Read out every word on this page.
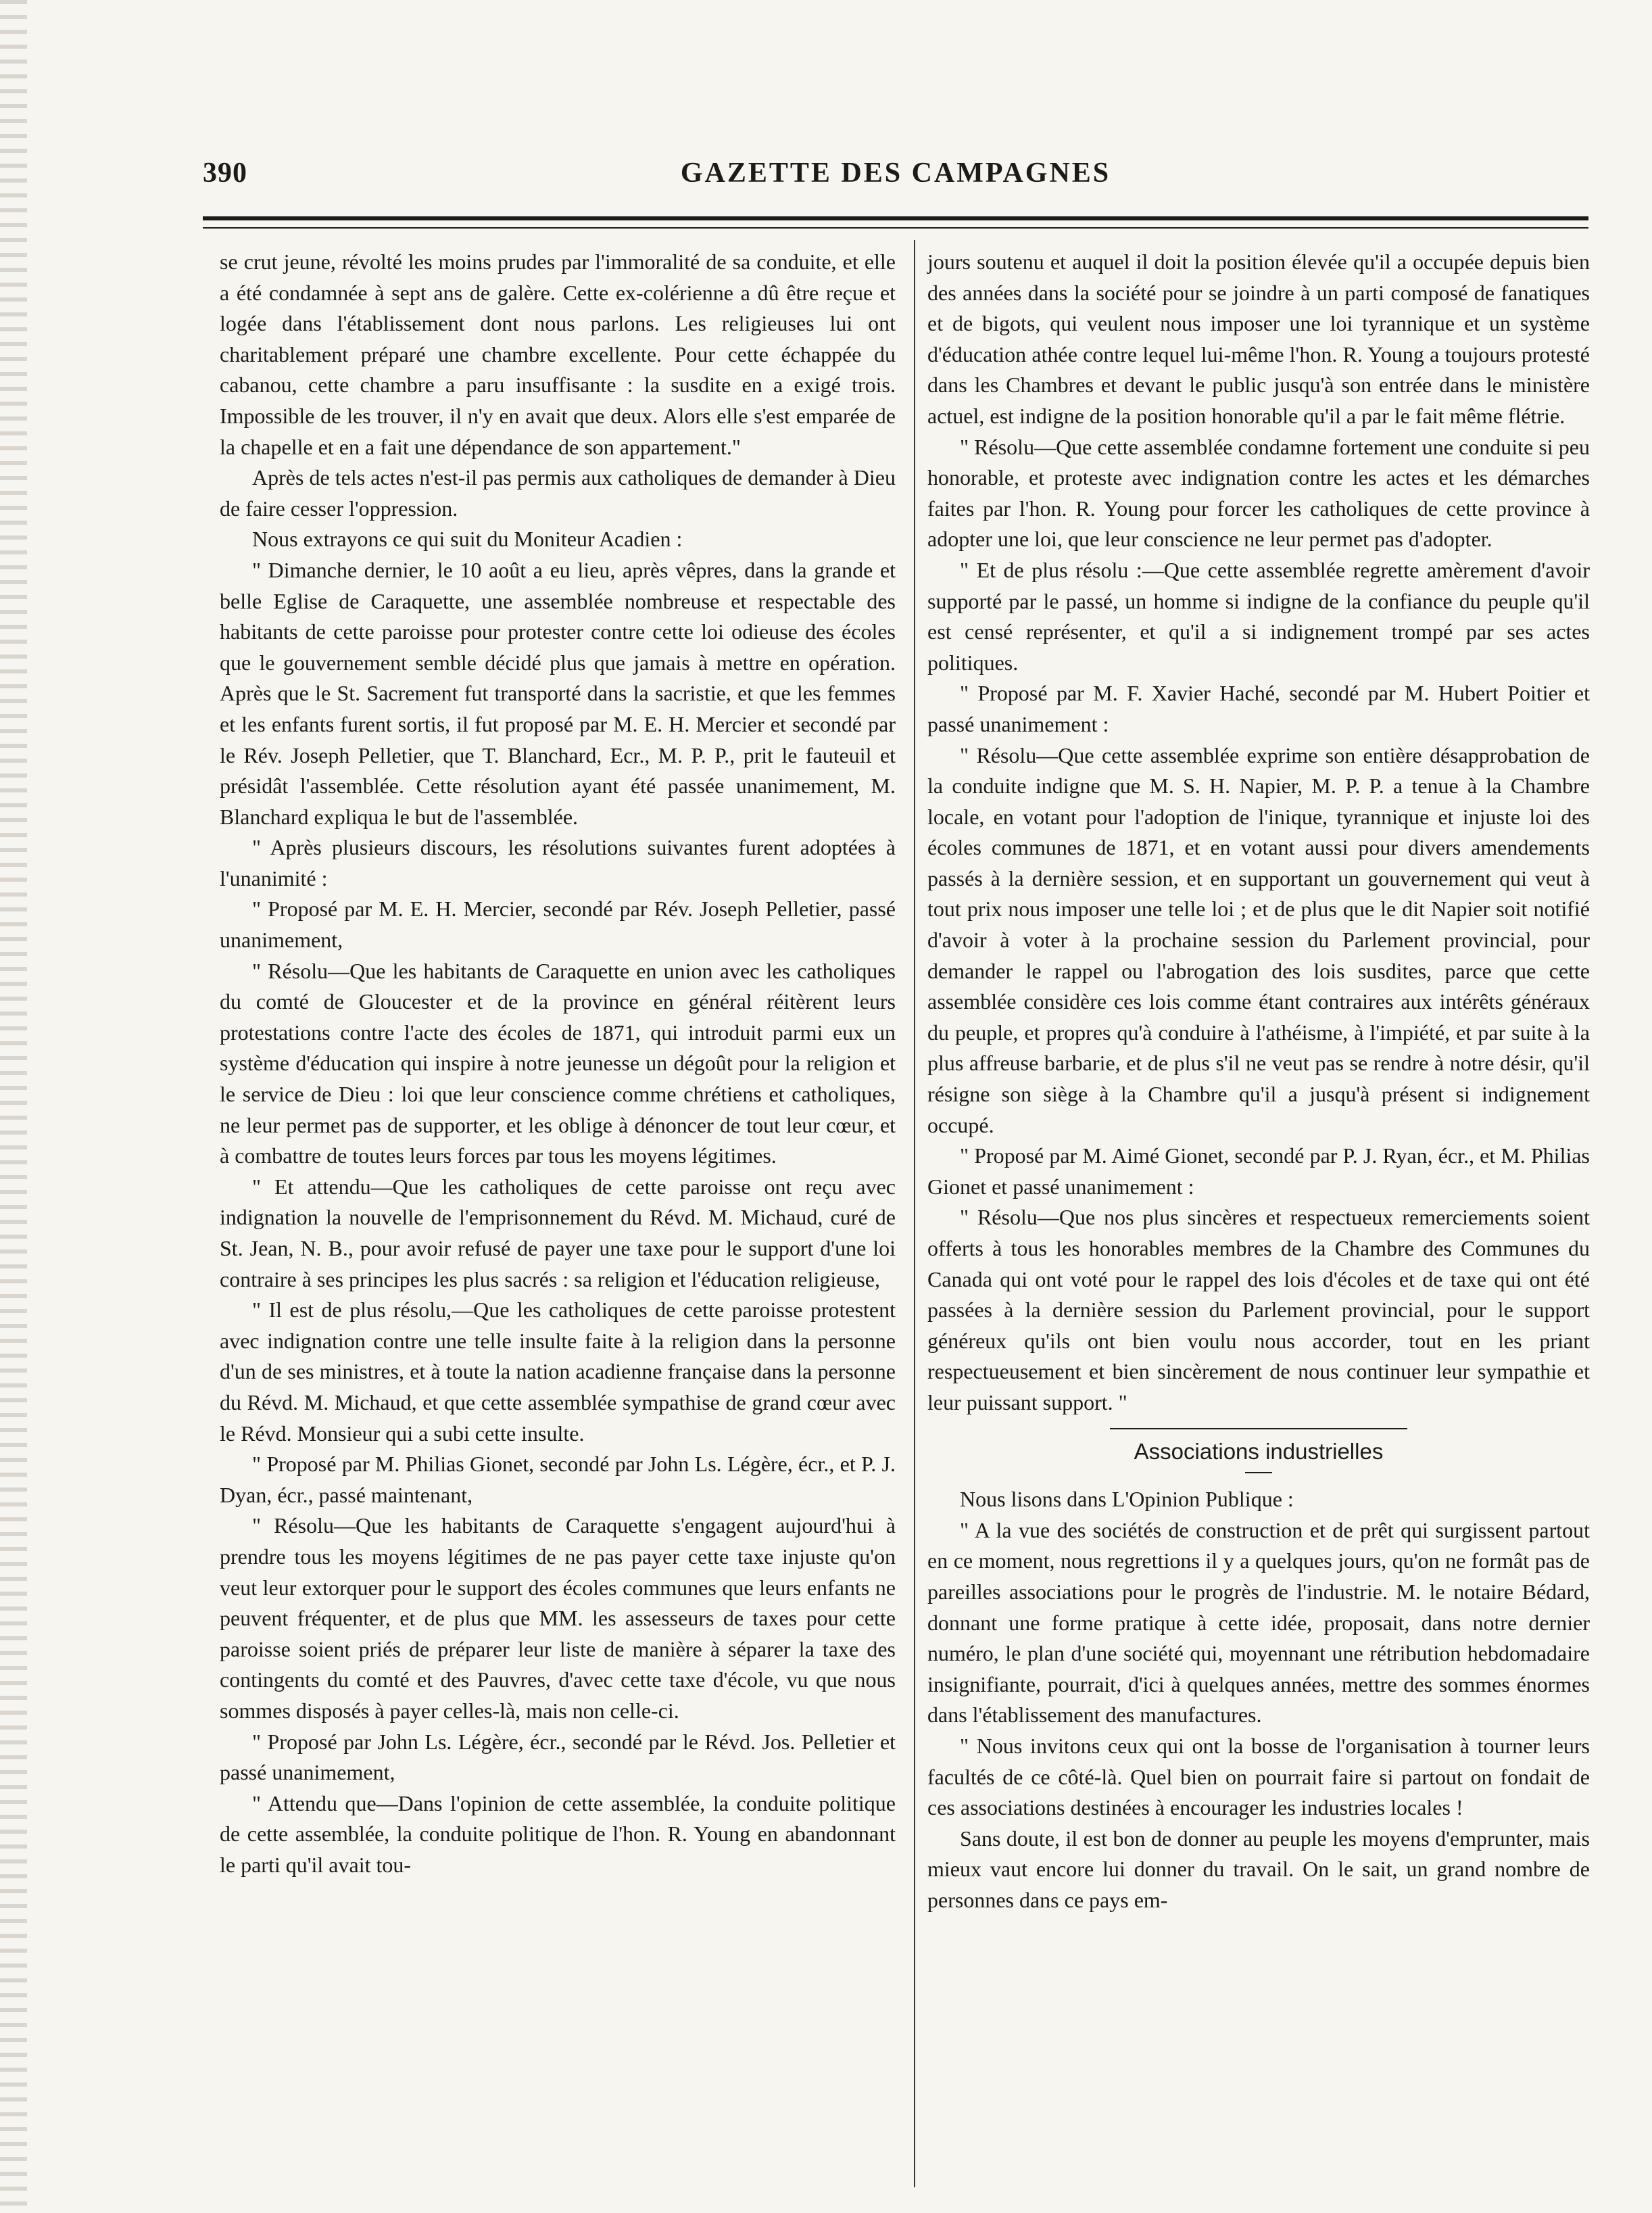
390	GAZETTE DES CAMPAGNES

se crut jeune, révolté les moins prudes par l'immoralité de sa conduite, et elle a été condamnée à sept ans de galère. Cette ex-colérienne a dû être reçue et logée dans l'établissement dont nous parlons. Les religieuses lui ont charitablement préparé une chambre excellente. Pour cette échappée du cabanou, cette chambre a paru insuffisante : la susdite en a exigé trois. Impossible de les trouver, il n'y en avait que deux. Alors elle s'est emparée de la chapelle et en a fait une dépendance de son appartement."

Après de tels actes n'est-il pas permis aux catholiques de demander à Dieu de faire cesser l'oppression.

Nous extrayons ce qui suit du Moniteur Acadien :

" Dimanche dernier, le 10 août a eu lieu, après vêpres, dans la grande et belle Eglise de Caraquette, une assemblée nombreuse et respectable des habitants de cette paroisse pour protester contre cette loi odieuse des écoles que le gouvernement semble décidé plus que jamais à mettre en opération. Après que le St. Sacrement fut transporté dans la sacristie, et que les femmes et les enfants furent sortis, il fut proposé par M. E. H. Mercier et secondé par le Rév. Joseph Pelletier, que T. Blanchard, Ecr., M. P. P., prit le fauteuil et présidât l'assemblée. Cette résolution ayant été passée unanimement, M. Blanchard expliqua le but de l'assemblée.

" Après plusieurs discours, les résolutions suivantes furent adoptées à l'unanimité :

" Proposé par M. E. H. Mercier, secondé par Rév. Joseph Pelletier, passé unanimement,

" Résolu—Que les habitants de Caraquette en union avec les catholiques du comté de Gloucester et de la province en général réitèrent leurs protestations contre l'acte des écoles de 1871, qui introduit parmi eux un système d'éducation qui inspire à notre jeunesse un dégoût pour la religion et le service de Dieu : loi que leur conscience comme chrétiens et catholiques, ne leur permet pas de supporter, et les oblige à dénoncer de tout leur cœur, et à combattre de toutes leurs forces par tous les moyens légitimes.

" Et attendu—Que les catholiques de cette paroisse ont reçu avec indignation la nouvelle de l'emprisonnement du Révd. M. Michaud, curé de St. Jean, N. B., pour avoir refusé de payer une taxe pour le support d'une loi contraire à ses principes les plus sacrés : sa religion et l'éducation religieuse,

" Il est de plus résolu,—Que les catholiques de cette paroisse protestent avec indignation contre une telle insulte faite à la religion dans la personne d'un de ses ministres, et à toute la nation acadienne française dans la personne du Révd. M. Michaud, et que cette assemblée sympathise de grand cœur avec le Révd. Monsieur qui a subi cette insulte.

" Proposé par M. Philias Gionet, secondé par John Ls. Légère, écr., et P. J. Dyan, écr., passé maintenant,

" Résolu—Que les habitants de Caraquette s'engagent aujourd'hui à prendre tous les moyens légitimes de ne pas payer cette taxe injuste qu'on veut leur extorquer pour le support des écoles communes que leurs enfants ne peuvent fréquenter, et de plus que MM. les assesseurs de taxes pour cette paroisse soient priés de préparer leur liste de manière à séparer la taxe des contingents du comté et des Pauvres, d'avec cette taxe d'école, vu que nous sommes disposés à payer celles-là, mais non celle-ci.

" Proposé par John Ls. Légère, écr., secondé par le Révd. Jos. Pelletier et passé unanimement,

" Attendu que—Dans l'opinion de cette assemblée, la conduite politique de cette assemblée, la conduite politique de l'hon. R. Young en abandonnant le parti qu'il avait tou-

jours soutenu et auquel il doit la position élevée qu'il a occupée depuis bien des années dans la société pour se joindre à un parti composé de fanatiques et de bigots, qui veulent nous imposer une loi tyrannique et un système d'éducation athée contre lequel lui-même l'hon. R. Young a toujours protesté dans les Chambres et devant le public jusqu'à son entrée dans le ministère actuel, est indigne de la position honorable qu'il a par le fait même flétrie.

" Résolu—Que cette assemblée condamne fortement une conduite si peu honorable, et proteste avec indignation contre les actes et les démarches faites par l'hon. R. Young pour forcer les catholiques de cette province à adopter une loi, que leur conscience ne leur permet pas d'adopter.

" Et de plus résolu :—Que cette assemblée regrette amèrement d'avoir supporté par le passé, un homme si indigne de la confiance du peuple qu'il est censé représenter, et qu'il a si indignement trompé par ses actes politiques.

" Proposé par M. F. Xavier Haché, secondé par M. Hubert Poitier et passé unanimement :

" Résolu—Que cette assemblée exprime son entière désapprobation de la conduite indigne que M. S. H. Napier, M. P. P. a tenue à la Chambre locale, en votant pour l'adoption de l'inique, tyrannique et injuste loi des écoles communes de 1871, et en votant aussi pour divers amendements passés à la dernière session, et en supportant un gouvernement qui veut à tout prix nous imposer une telle loi ; et de plus que le dit Napier soit notifié d'avoir à voter à la prochaine session du Parlement provincial, pour demander le rappel ou l'abrogation des lois susdites, parce que cette assemblée considère ces lois comme étant contraires aux intérêts généraux du peuple, et propres qu'à conduire à l'athéisme, à l'impiété, et par suite à la plus affreuse barbarie, et de plus s'il ne veut pas se rendre à notre désir, qu'il résigne son siège à la Chambre qu'il a jusqu'à présent si indignement occupé.

" Proposé par M. Aimé Gionet, secondé par P. J. Ryan, écr., et M. Philias Gionet et passé unanimement :

" Résolu—Que nos plus sincères et respectueux remerciements soient offerts à tous les honorables membres de la Chambre des Communes du Canada qui ont voté pour le rappel des lois d'écoles et de taxe qui ont été passées à la dernière session du Parlement provincial, pour le support généreux qu'ils ont bien voulu nous accorder, tout en les priant respectueusement et bien sincèrement de nous continuer leur sympathie et leur puissant support. "

Associations industrielles

Nous lisons dans L'Opinion Publique :

" A la vue des sociétés de construction et de prêt qui surgissent partout en ce moment, nous regrettions il y a quelques jours, qu'on ne formât pas de pareilles associations pour le progrès de l'industrie. M. le notaire Bédard, donnant une forme pratique à cette idée, proposait, dans notre dernier numéro, le plan d'une société qui, moyennant une rétribution hebdomadaire insignifiante, pourrait, d'ici à quelques années, mettre des sommes énormes dans l'établissement des manufactures.

" Nous invitons ceux qui ont la bosse de l'organisation à tourner leurs facultés de ce côté-là. Quel bien on pourrait faire si partout on fondait de ces associations destinées à encourager les industries locales !

Sans doute, il est bon de donner au peuple les moyens d'emprunter, mais mieux vaut encore lui donner du travail. On le sait, un grand nombre de personnes dans ce pays em-
